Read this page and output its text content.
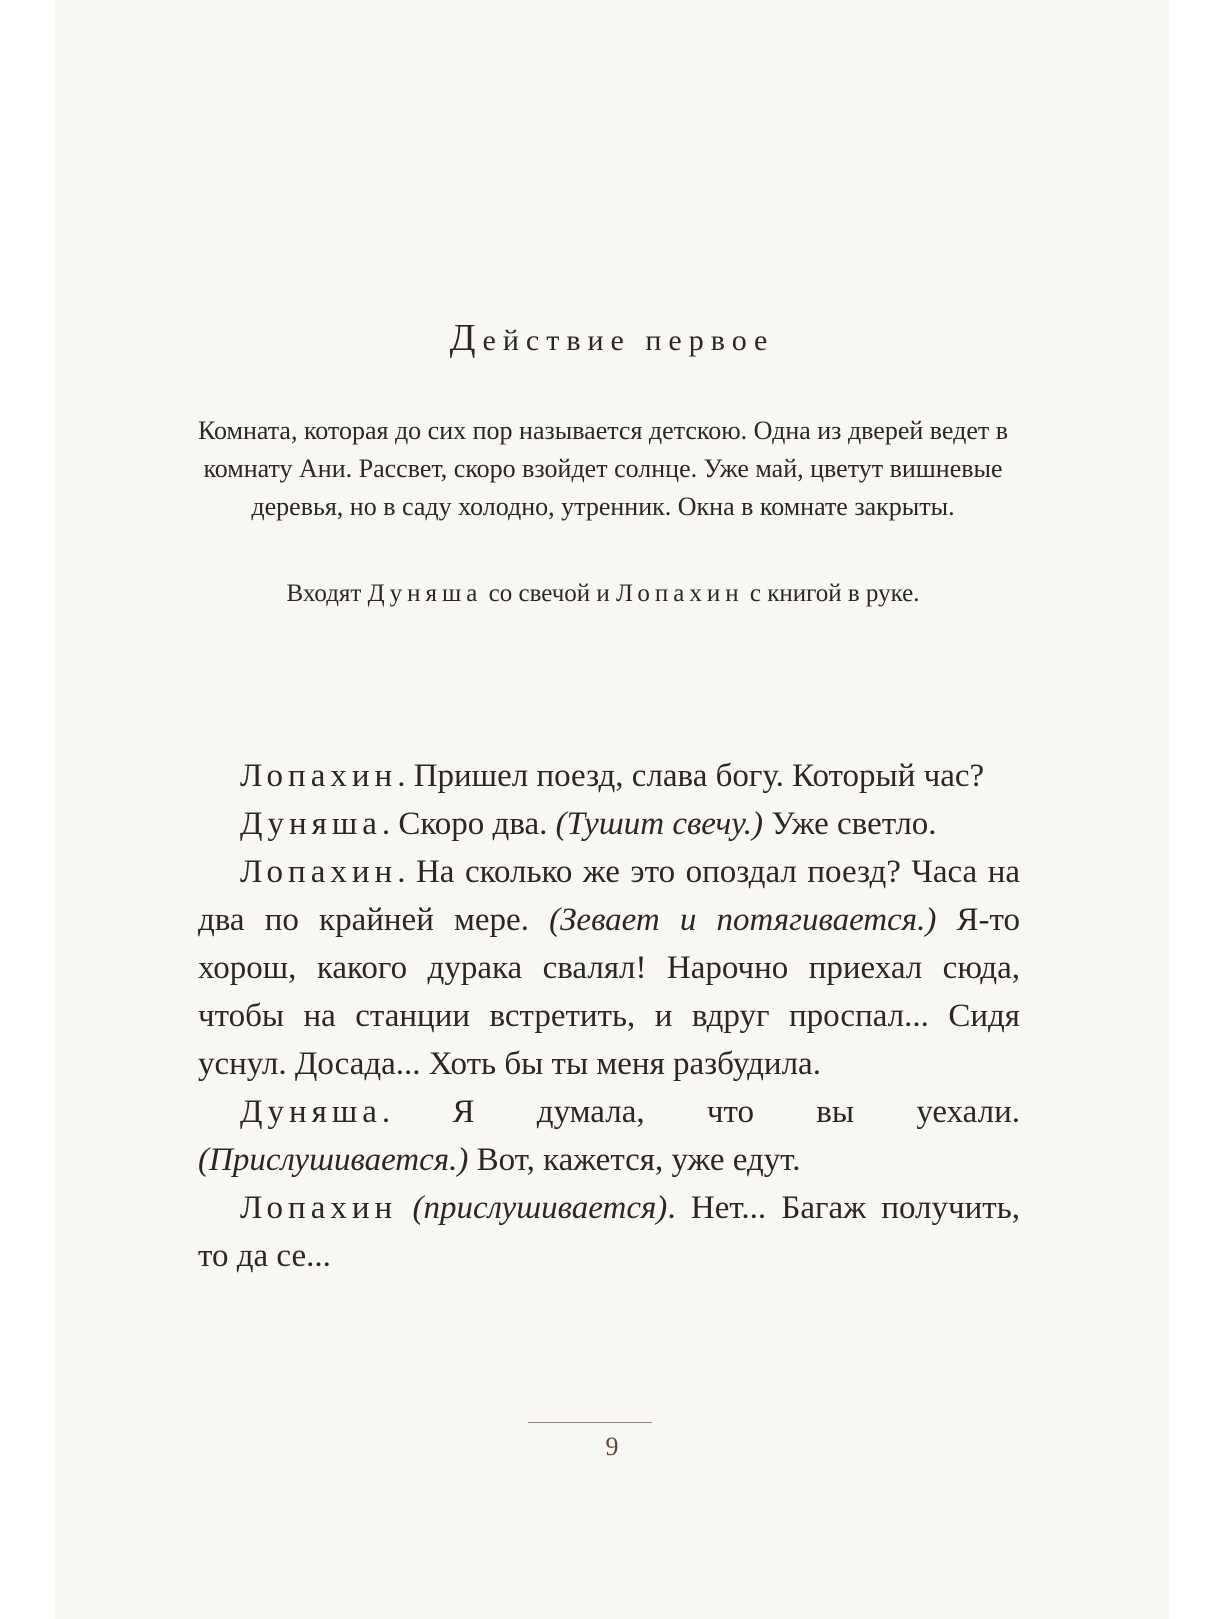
Действие первое
Комната, которая до сих пор называется детскою. Одна из дверей ведет в комнату Ани. Рассвет, скоро взойдет солнце. Уже май, цветут вишневые деревья, но в саду холодно, утренник. Окна в комнате закрыты.
Входят Дуняша со свечой и Лопахин с книгой в руке.

Лопахин. Пришел поезд, слава богу. Который час?

Дуняша. Скоро два. (Тушит свечу.) Уже светло.

Лопахин. На сколько же это опоздал поезд? Часа на два по крайней мере. (Зевает и потягивается.) Я-то хорош, какого дурака свалял! Нарочно приехал сюда, чтобы на станции встретить, и вдруг проспал... Сидя уснул. Досада... Хоть бы ты меня разбудила.

Дуняша. Я думала, что вы уехали. (Прислушивается.) Вот, кажется, уже едут.

Лопахин (прислушивается). Нет... Багаж получить, то да се...

9
